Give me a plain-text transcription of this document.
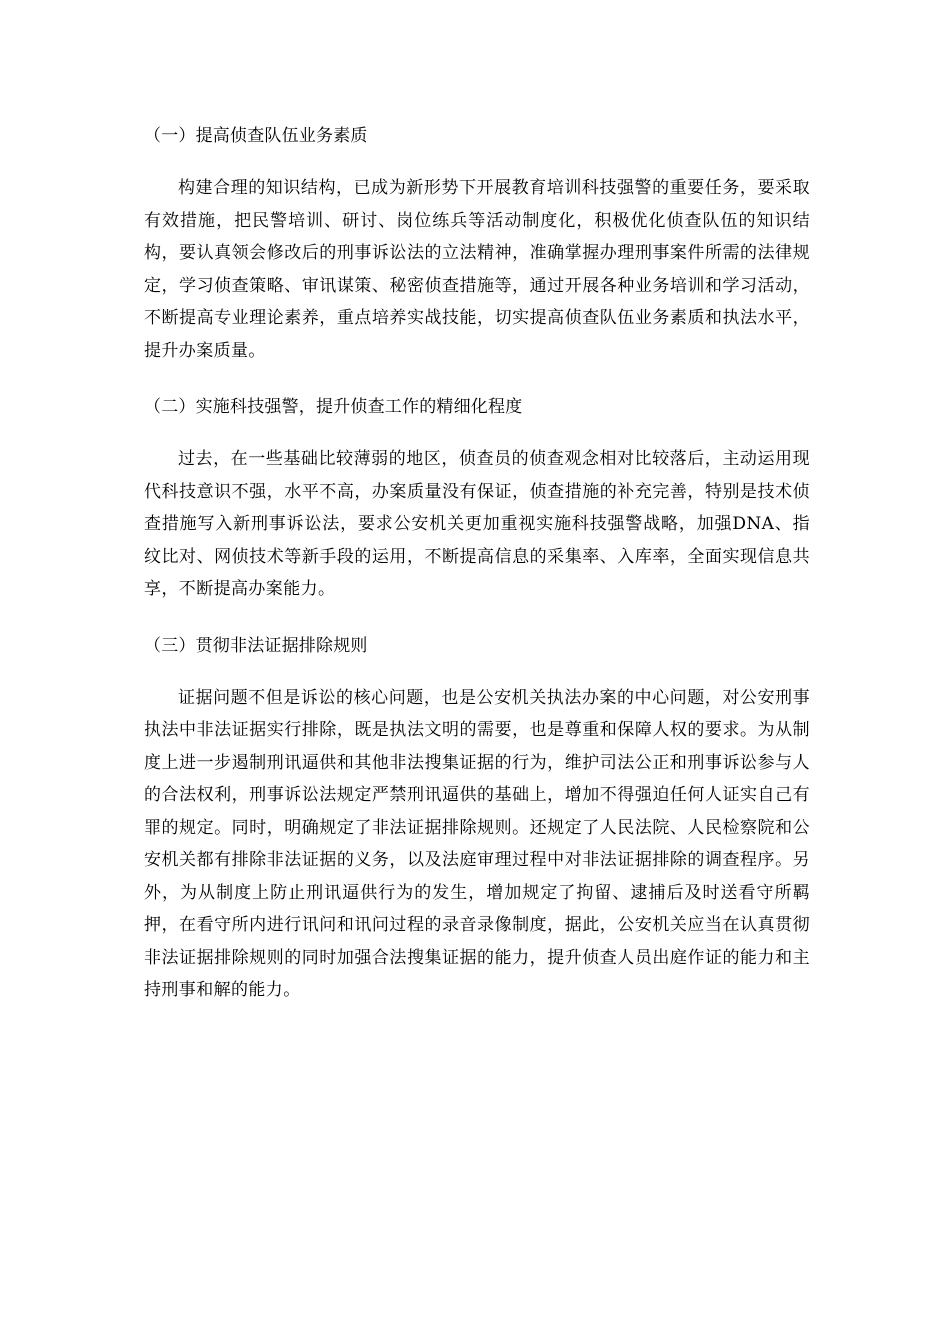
（一）提高侦查队伍业务素质

构建合理的知识结构，已成为新形势下开展教育培训科技强警的重要任务，要采取有效措施，把民警培训、研讨、岗位练兵等活动制度化，积极优化侦查队伍的知识结构，要认真领会修改后的刑事诉讼法的立法精神，准确掌握办理刑事案件所需的法律规定，学习侦查策略、审讯谋策、秘密侦查措施等，通过开展各种业务培训和学习活动，不断提高专业理论素养，重点培养实战技能，切实提高侦查队伍业务素质和执法水平，提升办案质量。

（二）实施科技强警，提升侦查工作的精细化程度

过去，在一些基础比较薄弱的地区，侦查员的侦查观念相对比较落后，主动运用现代科技意识不强，水平不高，办案质量没有保证，侦查措施的补充完善，特别是技术侦查措施写入新刑事诉讼法，要求公安机关更加重视实施科技强警战略，加强DNA、指纹比对、网侦技术等新手段的运用，不断提高信息的采集率、入库率，全面实现信息共享，不断提高办案能力。

（三）贯彻非法证据排除规则

证据问题不但是诉讼的核心问题，也是公安机关执法办案的中心问题，对公安刑事执法中非法证据实行排除，既是执法文明的需要，也是尊重和保障人权的要求。为从制度上进一步遏制刑讯逼供和其他非法搜集证据的行为，维护司法公正和刑事诉讼参与人的合法权利，刑事诉讼法规定严禁刑讯逼供的基础上，增加不得强迫任何人证实自己有罪的规定。同时，明确规定了非法证据排除规则。还规定了人民法院、人民检察院和公安机关都有排除非法证据的义务，以及法庭审理过程中对非法证据排除的调查程序。另外，为从制度上防止刑讯逼供行为的发生，增加规定了拘留、逮捕后及时送看守所羁押，在看守所内进行讯问和讯问过程的录音录像制度，据此，公安机关应当在认真贯彻非法证据排除规则的同时加强合法搜集证据的能力，提升侦查人员出庭作证的能力和主持刑事和解的能力。
